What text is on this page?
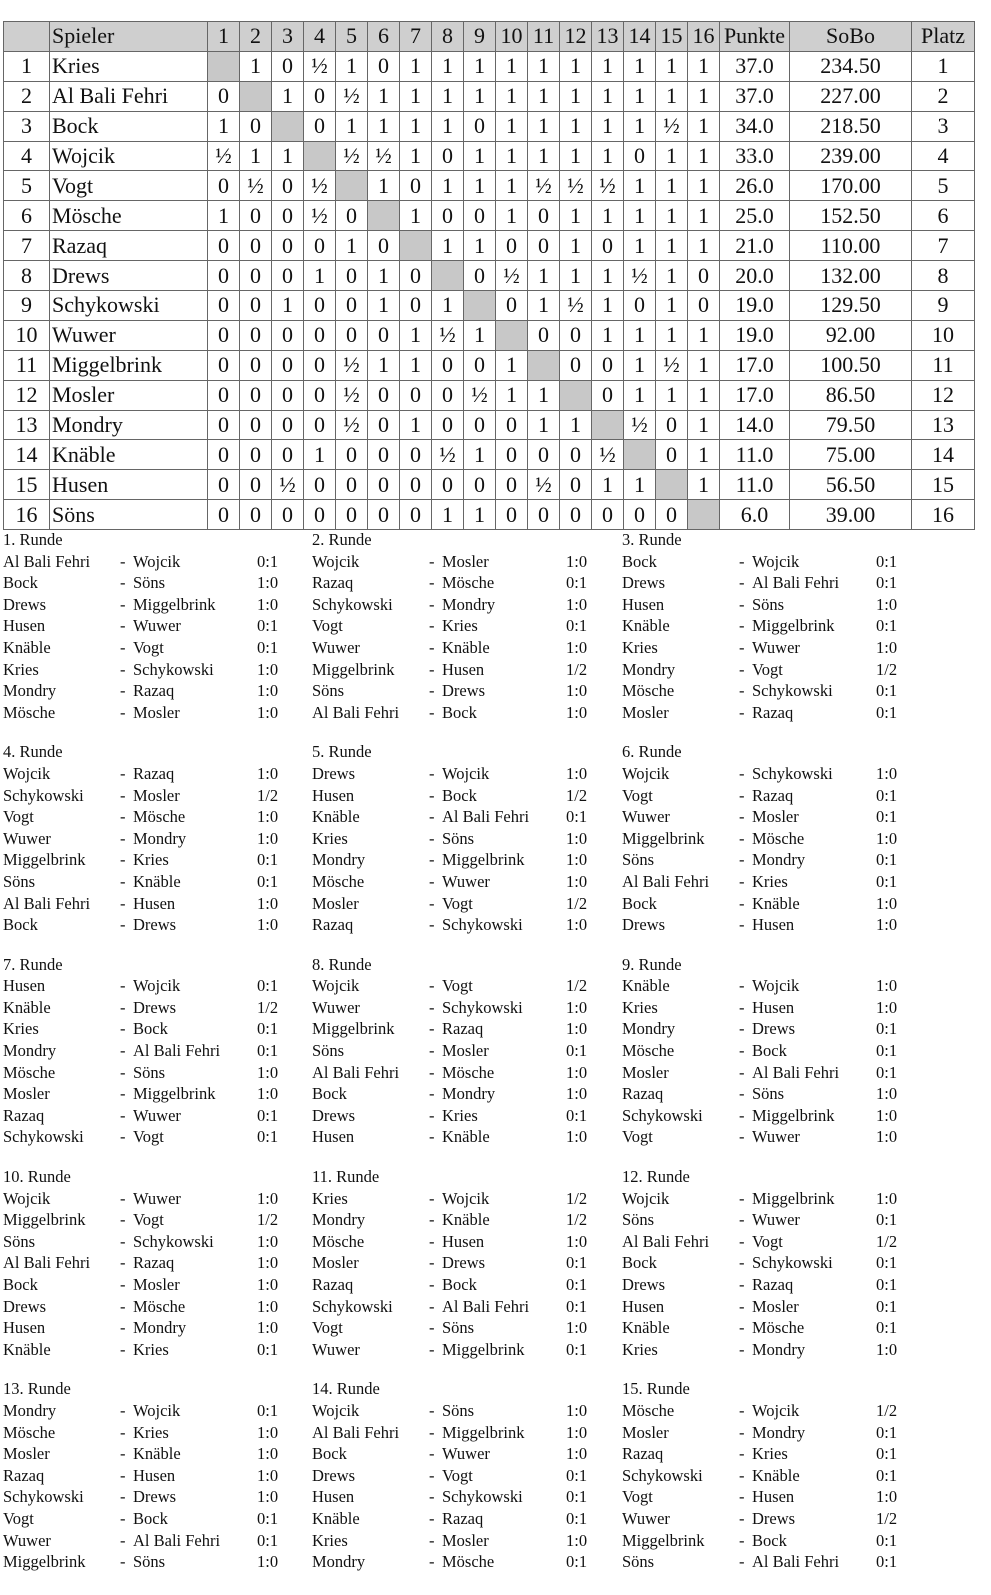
	Spieler	1	2	3	4	5	6	7	8	9	10	11	12	13	14	15	16	Punkte	SoBo	Platz
1	Kries		1	0	½	1	0	1	1	1	1	1	1	1	1	1	1	37.0	234.50	1
2	Al Bali Fehri	0		1	0	½	1	1	1	1	1	1	1	1	1	1	1	37.0	227.00	2
3	Bock	1	0		0	1	1	1	1	0	1	1	1	1	1	½	1	34.0	218.50	3
4	Wojcik	½	1	1		½	½	1	0	1	1	1	1	1	0	1	1	33.0	239.00	4
5	Vogt	0	½	0	½		1	0	1	1	1	½	½	½	1	1	1	26.0	170.00	5
6	Mösche	1	0	0	½	0		1	0	0	1	0	1	1	1	1	1	25.0	152.50	6
7	Razaq	0	0	0	0	1	0		1	1	0	0	1	0	1	1	1	21.0	110.00	7
8	Drews	0	0	0	1	0	1	0		0	½	1	1	1	½	1	0	20.0	132.00	8
9	Schykowski	0	0	1	0	0	1	0	1		0	1	½	1	0	1	0	19.0	129.50	9
10	Wuwer	0	0	0	0	0	0	1	½	1		0	0	1	1	1	1	19.0	92.00	10
11	Miggelbrink	0	0	0	0	½	1	1	0	0	1		0	0	1	½	1	17.0	100.50	11
12	Mosler	0	0	0	0	½	0	0	0	½	1	1		0	1	1	1	17.0	86.50	12
13	Mondry	0	0	0	0	½	0	1	0	0	0	1	1		½	0	1	14.0	79.50	13
14	Knäble	0	0	0	1	0	0	0	½	1	0	0	0	½		0	1	11.0	75.00	14
15	Husen	0	0	½	0	0	0	0	0	0	0	½	0	1	1		1	11.0	56.50	15
16	Söns	0	0	0	0	0	0	0	1	1	0	0	0	0	0	0		6.0	39.00	16
1. Runde
Al Bali Fehri	- Wojcik	0:1
Bock	- Söns	1:0
Drews	- Miggelbrink	1:0
Husen	- Wuwer	0:1
Knäble	- Vogt	0:1
Kries	- Schykowski	1:0
Mondry	- Razaq	1:0
Mösche	- Mosler	1:0
2. Runde
Wojcik	- Mosler	1:0
Razaq	- Mösche	0:1
Schykowski	- Mondry	1:0
Vogt	- Kries	0:1
Wuwer	- Knäble	1:0
Miggelbrink	- Husen	1/2
Söns	- Drews	1:0
Al Bali Fehri	- Bock	1:0
3. Runde
Bock	- Wojcik	0:1
Drews	- Al Bali Fehri	0:1
Husen	- Söns	1:0
Knäble	- Miggelbrink	0:1
Kries	- Wuwer	1:0
Mondry	- Vogt	1/2
Mösche	- Schykowski	0:1
Mosler	- Razaq	0:1
4. Runde
Wojcik	- Razaq	1:0
Schykowski	- Mosler	1/2
Vogt	- Mösche	1:0
Wuwer	- Mondry	1:0
Miggelbrink	- Kries	0:1
Söns	- Knäble	0:1
Al Bali Fehri	- Husen	1:0
Bock	- Drews	1:0
5. Runde
Drews	- Wojcik	1:0
Husen	- Bock	1/2
Knäble	- Al Bali Fehri	0:1
Kries	- Söns	1:0
Mondry	- Miggelbrink	1:0
Mösche	- Wuwer	1:0
Mosler	- Vogt	1/2
Razaq	- Schykowski	1:0
6. Runde
Wojcik	- Schykowski	1:0
Vogt	- Razaq	0:1
Wuwer	- Mosler	0:1
Miggelbrink	- Mösche	1:0
Söns	- Mondry	0:1
Al Bali Fehri	- Kries	0:1
Bock	- Knäble	1:0
Drews	- Husen	1:0
7. Runde
Husen	- Wojcik	0:1
Knäble	- Drews	1/2
Kries	- Bock	0:1
Mondry	- Al Bali Fehri	0:1
Mösche	- Söns	1:0
Mosler	- Miggelbrink	1:0
Razaq	- Wuwer	0:1
Schykowski	- Vogt	0:1
8. Runde
Wojcik	- Vogt	1/2
Wuwer	- Schykowski	1:0
Miggelbrink	- Razaq	1:0
Söns	- Mosler	0:1
Al Bali Fehri	- Mösche	1:0
Bock	- Mondry	1:0
Drews	- Kries	0:1
Husen	- Knäble	1:0
9. Runde
Knäble	- Wojcik	1:0
Kries	- Husen	1:0
Mondry	- Drews	0:1
Mösche	- Bock	0:1
Mosler	- Al Bali Fehri	0:1
Razaq	- Söns	1:0
Schykowski	- Miggelbrink	1:0
Vogt	- Wuwer	1:0
10. Runde
Wojcik	- Wuwer	1:0
Miggelbrink	- Vogt	1/2
Söns	- Schykowski	1:0
Al Bali Fehri	- Razaq	1:0
Bock	- Mosler	1:0
Drews	- Mösche	1:0
Husen	- Mondry	1:0
Knäble	- Kries	0:1
11. Runde
Kries	- Wojcik	1/2
Mondry	- Knäble	1/2
Mösche	- Husen	1:0
Mosler	- Drews	0:1
Razaq	- Bock	0:1
Schykowski	- Al Bali Fehri	0:1
Vogt	- Söns	1:0
Wuwer	- Miggelbrink	0:1
12. Runde
Wojcik	- Miggelbrink	1:0
Söns	- Wuwer	0:1
Al Bali Fehri	- Vogt	1/2
Bock	- Schykowski	0:1
Drews	- Razaq	0:1
Husen	- Mosler	0:1
Knäble	- Mösche	0:1
Kries	- Mondry	1:0
13. Runde
Mondry	- Wojcik	0:1
Mösche	- Kries	1:0
Mosler	- Knäble	1:0
Razaq	- Husen	1:0
Schykowski	- Drews	1:0
Vogt	- Bock	0:1
Wuwer	- Al Bali Fehri	0:1
Miggelbrink	- Söns	1:0
14. Runde
Wojcik	- Söns	1:0
Al Bali Fehri	- Miggelbrink	1:0
Bock	- Wuwer	1:0
Drews	- Vogt	0:1
Husen	- Schykowski	0:1
Knäble	- Razaq	0:1
Kries	- Mosler	1:0
Mondry	- Mösche	0:1
15. Runde
Mösche	- Wojcik	1/2
Mosler	- Mondry	0:1
Razaq	- Kries	0:1
Schykowski	- Knäble	0:1
Vogt	- Husen	1:0
Wuwer	- Drews	1/2
Miggelbrink	- Bock	0:1
Söns	- Al Bali Fehri	0:1
